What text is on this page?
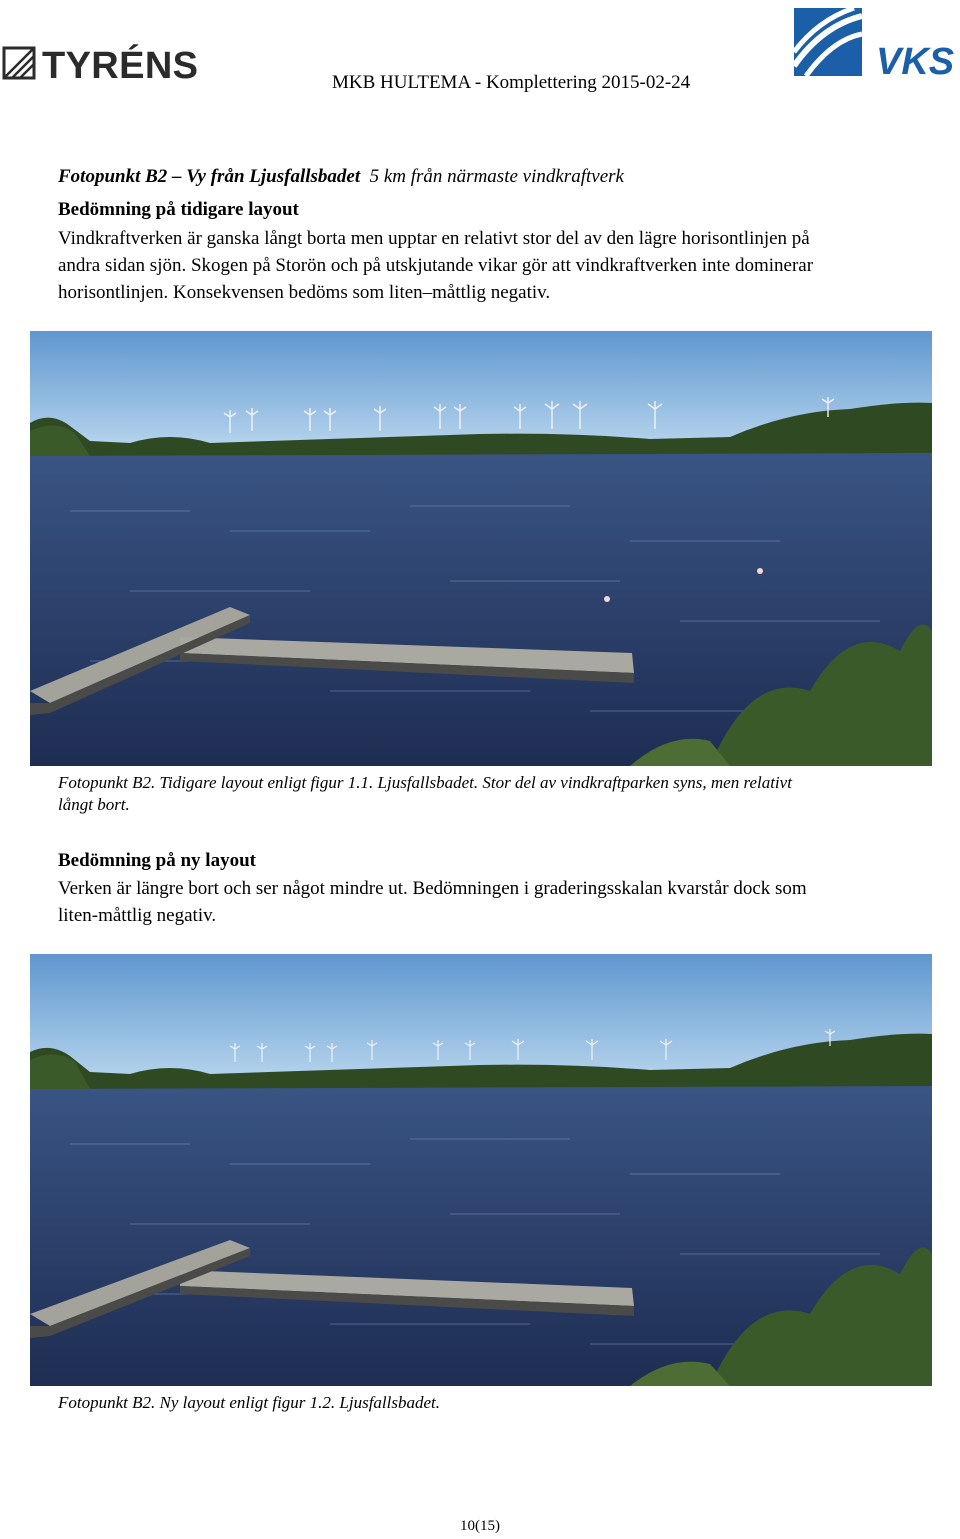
TYRÉNS	VKS
MKB HULTEMA - Komplettering 2015-02-24
Fotopunkt B2 – Vy från Ljusfallsbadet 5 km från närmaste vindkraftverk
Bedömning på tidigare layout
Vindkraftverken är ganska långt borta men upptar en relativt stor del av den lägre horisontlinjen på
andra sidan sjön. Skogen på Storön och på utskjutande vikar gör att vindkraftverken inte dominerar
horisontlinjen. Konsekvensen bedöms som liten–måttlig negativ.
Fotopunkt B2. Tidigare layout enligt figur 1.1. Ljusfallsbadet. Stor del av vindkraftparken syns, men relativt
långt bort.
Bedömning på ny layout
Verken är längre bort och ser något mindre ut. Bedömningen i graderingsskalan kvarstår dock som
liten-måttlig negativ.
Fotopunkt B2. Ny layout enligt figur 1.2. Ljusfallsbadet.
10(15)
